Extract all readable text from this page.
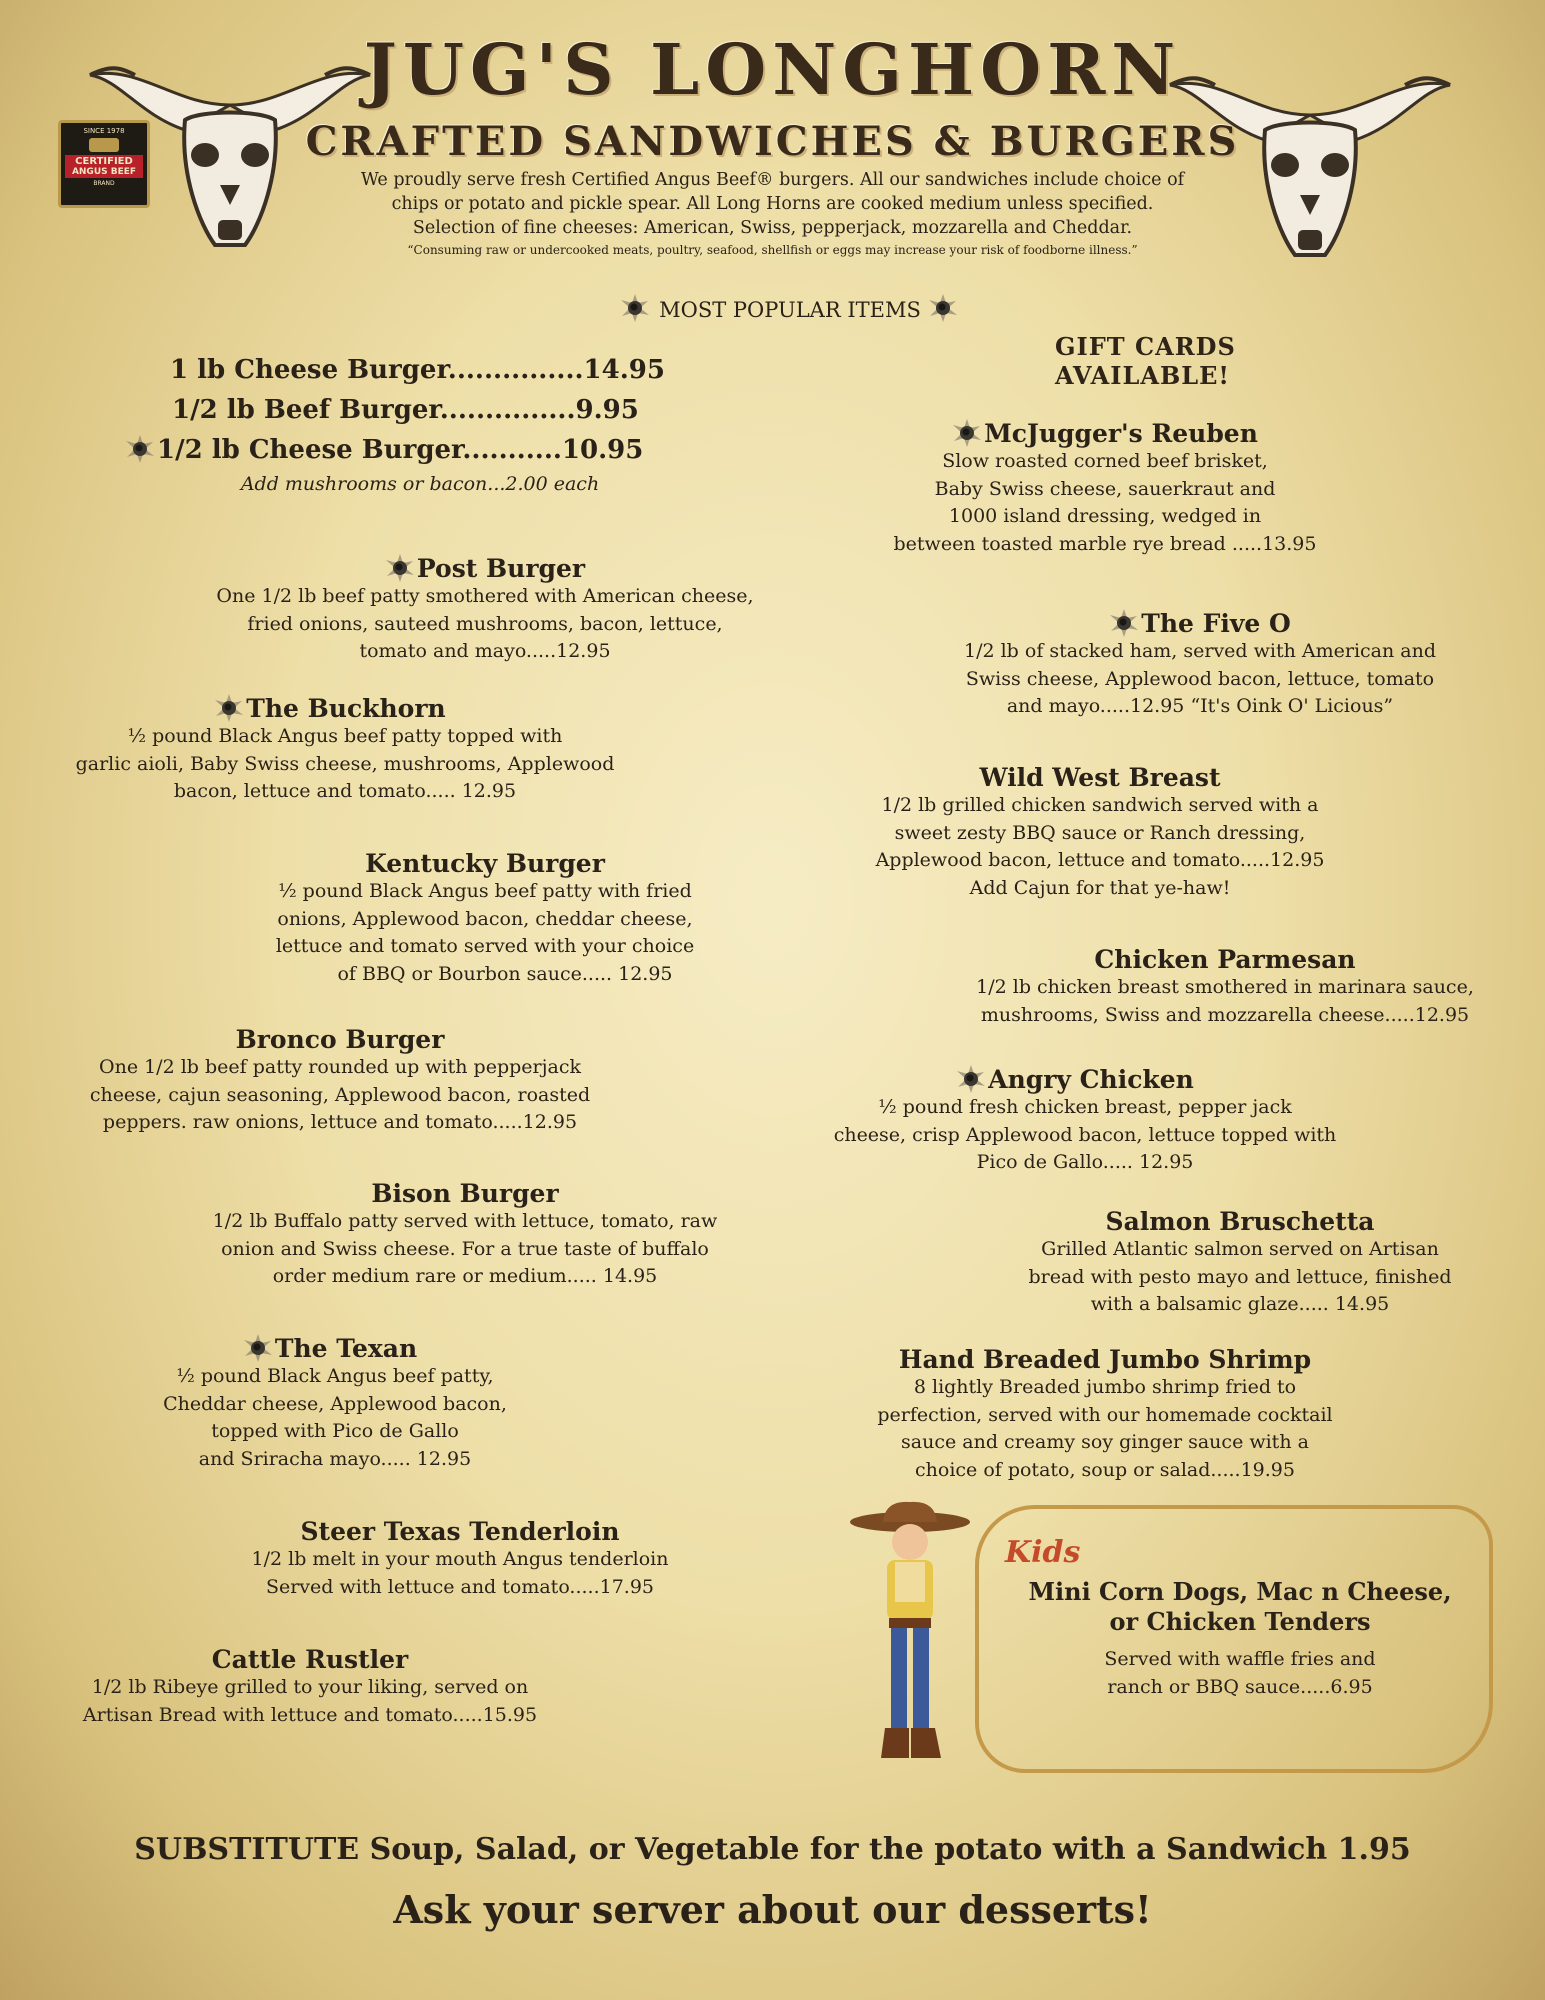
SINCE 1978
CERTIFIED
ANGUS BEEF
BRAND
JUG'S LONGHORN
CRAFTED SANDWICHES & BURGERS
We proudly serve fresh Certified Angus Beef® burgers. All our sandwiches include choice of
chips or potato and pickle spear. All Long Horns are cooked medium unless specified.
Selection of fine cheeses: American, Swiss, pepperjack, mozzarella and Cheddar.
“Consuming raw or undercooked meats, poultry, seafood, shellfish or eggs may increase your risk of foodborne illness.”
MOST POPULAR ITEMS
GIFT CARDS AVAILABLE!
1 lb Cheese Burger...............14.95
1/2 lb Beef Burger...............9.95
1/2 lb Cheese Burger...........10.95
Add mushrooms or bacon...2.00 each
Post Burger
One 1/2 lb beef patty smothered with American cheese,
fried onions, sauteed mushrooms, bacon, lettuce,
tomato and mayo.....12.95
The Buckhorn
½ pound Black Angus beef patty topped with
garlic aioli, Baby Swiss cheese, mushrooms, Applewood
bacon, lettuce and tomato..... 12.95
Kentucky Burger
½ pound Black Angus beef patty with fried
onions, Applewood bacon, cheddar cheese,
lettuce and tomato served with your choice
of BBQ or Bourbon sauce..... 12.95
Bronco Burger
One 1/2 lb beef patty rounded up with pepperjack
cheese, cajun seasoning, Applewood bacon, roasted
peppers. raw onions, lettuce and tomato.....12.95
Bison Burger
1/2 lb Buffalo patty served with lettuce, tomato, raw
onion and Swiss cheese. For a true taste of buffalo
order medium rare or medium..... 14.95
The Texan
½ pound Black Angus beef patty,
Cheddar cheese, Applewood bacon,
topped with Pico de Gallo
and Sriracha mayo..... 12.95
Steer Texas Tenderloin
1/2 lb melt in your mouth Angus tenderloin
Served with lettuce and tomato.....17.95
Cattle Rustler
1/2 lb Ribeye grilled to your liking, served on
Artisan Bread with lettuce and tomato.....15.95
McJugger's Reuben
Slow roasted corned beef brisket,
Baby Swiss cheese, sauerkraut and
1000 island dressing, wedged in
between toasted marble rye bread .....13.95
The Five O
1/2 lb of stacked ham, served with American and
Swiss cheese, Applewood bacon, lettuce, tomato
and mayo.....12.95 “It's Oink O' Licious”
Wild West Breast
1/2 lb grilled chicken sandwich served with a
sweet zesty BBQ sauce or Ranch dressing,
Applewood bacon, lettuce and tomato.....12.95
Add Cajun for that ye-haw!
Chicken Parmesan
1/2 lb chicken breast smothered in marinara sauce,
mushrooms, Swiss and mozzarella cheese.....12.95
Angry Chicken
½ pound fresh chicken breast, pepper jack
cheese, crisp Applewood bacon, lettuce topped with
Pico de Gallo..... 12.95
Salmon Bruschetta
Grilled Atlantic salmon served on Artisan
bread with pesto mayo and lettuce, finished
with a balsamic glaze..... 14.95
Hand Breaded Jumbo Shrimp
8 lightly Breaded jumbo shrimp fried to
perfection, served with our homemade cocktail
sauce and creamy soy ginger sauce with a
choice of potato, soup or salad.....19.95
Kids
Mini Corn Dogs, Mac n Cheese,
or Chicken Tenders
Served with waffle fries and
ranch or BBQ sauce.....6.95
SUBSTITUTE Soup, Salad, or Vegetable for the potato with a Sandwich 1.95
Ask your server about our desserts!
